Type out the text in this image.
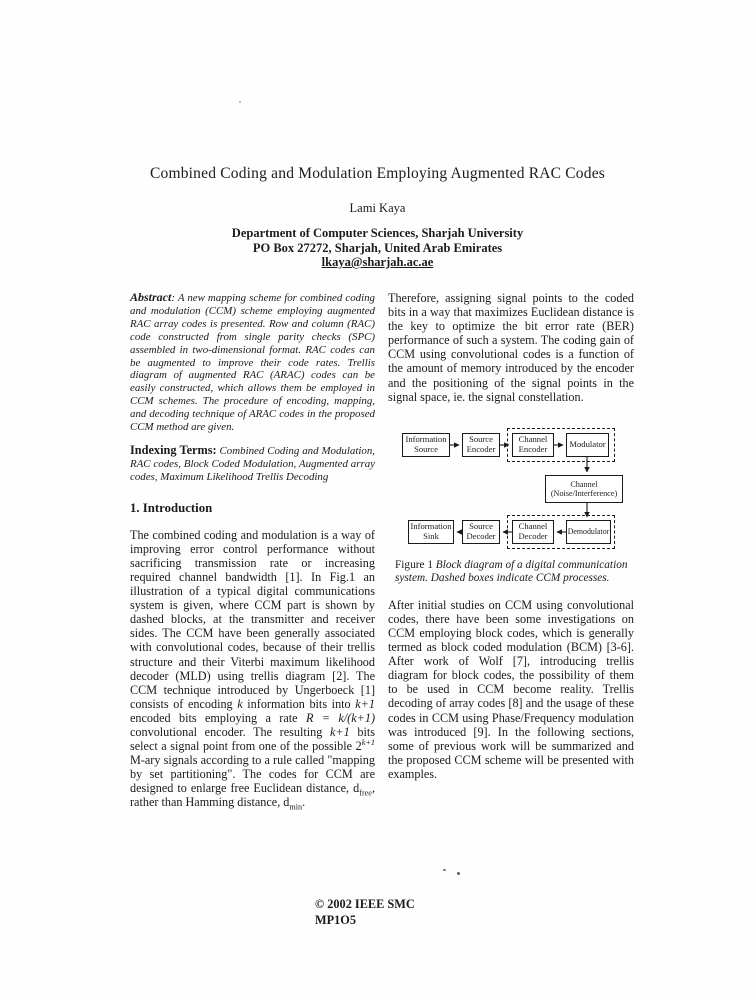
Combined Coding and Modulation Employing Augmented RAC Codes
Lami Kaya
Department of Computer Sciences, Sharjah University
PO Box 27272, Sharjah, United Arab Emirates
lkaya@sharjah.ac.ae

Abstract: A new mapping scheme for combined coding and modulation (CCM) scheme employing augmented RAC array codes is presented. Row and column (RAC) code constructed from single parity checks (SPC) assembled in two-dimensional format. RAC codes can be augmented to improve their code rates. Trellis diagram of augmented RAC (ARAC) codes can be easily constructed, which allows them be employed in CCM schemes. The procedure of encoding, mapping, and decoding technique of ARAC codes in the proposed CCM method are given.

Indexing Terms: Combined Coding and Modulation, RAC codes, Block Coded Modulation, Augmented array codes, Maximum Likelihood Trellis Decoding

1. Introduction

The combined coding and modulation is a way of improving error control performance without sacrificing transmission rate or increasing required channel bandwidth [1]. In Fig.1 an illustration of a typical digital communications system is given, where CCM part is shown by dashed blocks, at the transmitter and receiver sides. The CCM have been generally associated with convolutional codes, because of their trellis structure and their Viterbi maximum likelihood decoder (MLD) using trellis diagram [2]. The CCM technique introduced by Ungerboeck [1] consists of encoding k information bits into k+1 encoded bits employing a rate R = k/(k+1) convolutional encoder. The resulting k+1 bits select a signal point from one of the possible $2^{k+1}$ M-ary signals according to a rule called "mapping by set partitioning". The codes for CCM are designed to enlarge free Euclidean distance, $d_{free}$, rather than Hamming distance, $d_{min}$.

Therefore, assigning signal points to the coded bits in a way that maximizes Euclidean distance is the key to optimize the bit error rate (BER) performance of such a system. The coding gain of CCM using convolutional codes is a function of the amount of memory introduced by the encoder and the positioning of the signal points in the signal space, ie. the signal constellation.

Information Source
Source Encoder
Channel Encoder	Modulator
Channel (Noise/Interference)
Information Sink
Source Decoder
Channel Decoder	Demodulator
Figure 1 Block diagram of a digital communication system. Dashed boxes indicate CCM processes.

After initial studies on CCM using convolutional codes, there have been some investigations on CCM employing block codes, which is generally termed as block coded modulation (BCM) [3-6]. After work of Wolf [7], introducing trellis diagram for block codes, the possibility of them to be used in CCM become reality. Trellis decoding of array codes [8] and the usage of these codes in CCM using Phase/Frequency modulation was introduced [9]. In the following sections, some of previous work will be summarized and the proposed CCM scheme will be presented with examples.

© 2002 IEEE SMC
MP1O5
